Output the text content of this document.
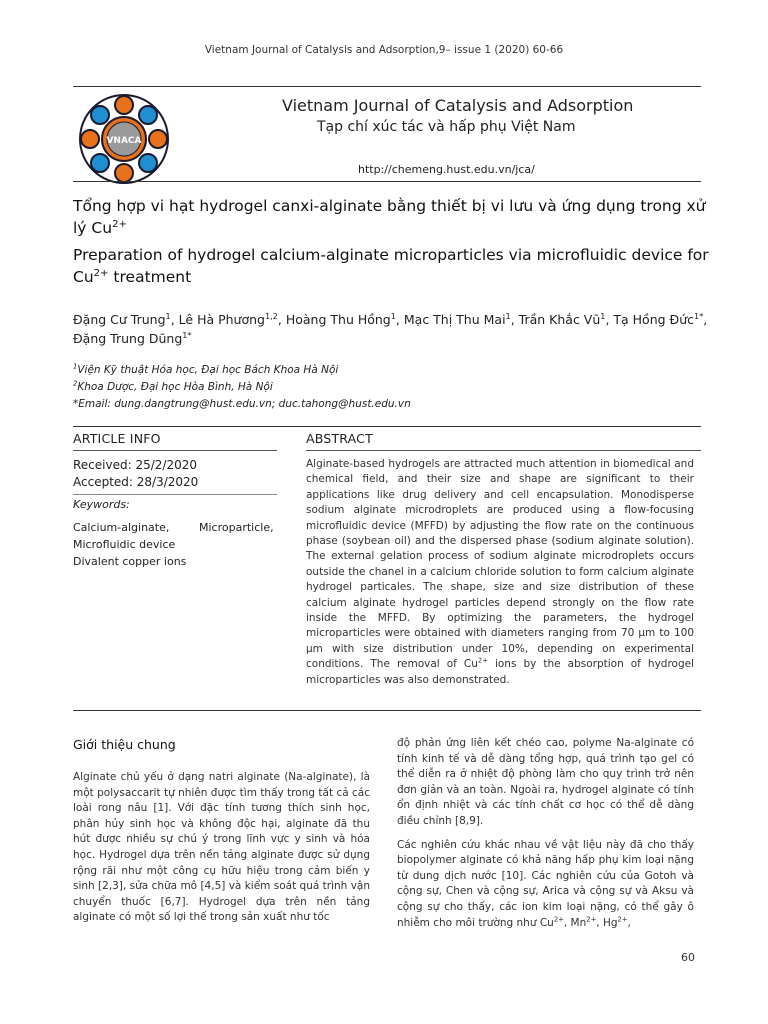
Vietnam Journal of Catalysis and Adsorption,9– issue 1 (2020) 60-66
VNACA
Vietnam Journal of Catalysis and Adsorption
Tạp chí xúc tác và hấp phụ Việt Nam
http://chemeng.hust.edu.vn/jca/
Tổng hợp vi hạt hydrogel canxi-alginate bằng thiết bị vi lưu và ứng dụng trong xử lý $Cu^{2+}$
Preparation of hydrogel calcium-alginate microparticles via microfluidic device for $Cu^{2+}$ treatment
Đặng Cư Trung$^1$, Lê Hà Phương$^{1,2}$, Hoàng Thu Hồng$^1$, Mạc Thị Thu Mai$^1$, Trần Khắc $Vũ^1$, Tạ Hồng Đức$^{1*}$,
Đặng Trung Dũng$^{1*}$
$^1$Viện Kỹ thuật Hóa học, Đại học Bách Khoa Hà Nội
$^2$Khoa Dược, Đại học Hòa Bình, Hà Nội
*Email: dung.dangtrung@hust.edu.vn; duc.tahong@hust.edu.vn
ARTICLE INFO
Received: 25/2/2020
Accepted: 28/3/2020
Keywords:
Calcium-alginate,	Microparticle,
Microfluidic device
Divalent copper ions
ABSTRACT
Alginate-based hydrogels are attracted much attention in biomedical and chemical field, and their size and shape are significant to their applications like drug delivery and cell encapsulation. Monodisperse sodium alginate microdroplets are produced using a flow-focusing microfluidic device (MFFD) by adjusting the flow rate on the continuous phase (soybean oil) and the dispersed phase (sodium alginate solution). The external gelation process of sodium alginate microdroplets occurs outside the chanel in a calcium chloride solution to form calcium alginate hydrogel particales. The shape, size and size distribution of these calcium alginate hydrogel particles depend strongly on the flow rate inside the MFFD. By optimizing the parameters, the hydrogel microparticles were obtained with diameters ranging from 70 µm to 100 µm with size distribution under 10%, depending on experimental conditions. The removal of $Cu^{2+}$ ions by the absorption of hydrogel microparticles was also demonstrated.
Giới thiệu chung
Alginate chủ yếu ở dạng natri alginate (Na-alginate), là một polysaccarit tự nhiên được tìm thấy trong tất cả các loài rong nâu [1]. Với đặc tính tương thích sinh học, phân hủy sinh học và không độc hại, alginate đã thu hút được nhiều sự chú ý trong lĩnh vực y sinh và hóa học. Hydrogel dựa trên nền tảng alginate được sử dụng rộng rãi như một công cụ hữu hiệu trong cảm biến y sinh [2,3], sửa chữa mô [4,5] và kiểm soát quá trình vận chuyển thuốc [6,7]. Hydrogel dựa trên nền tảng alginate có một số lợi thế trong sản xuất như tốc

độ phản ứng liên kết chéo cao, polyme Na-alginate có tính kinh tế và dễ dàng tổng hợp, quá trình tạo gel có thể diễn ra ở nhiệt độ phòng làm cho quy trình trở nên đơn giản và an toàn. Ngoài ra, hydrogel alginate có tính ổn định nhiệt và các tính chất cơ học có thể dễ dàng điều chỉnh [8,9].

Các nghiên cứu khác nhau về vật liệu này đã cho thấy biopolymer alginate có khả năng hấp phụ kim loại nặng từ dung dịch nước [10]. Các nghiên cứu của Gotoh và cộng sự, Chen và cộng sự, Arica và cộng sự và Aksu và cộng sự cho thấy, các ion kim loại nặng, có thể gây ô nhiễm cho môi trường như $Cu^{2+}$, $Mn^{2+}$, $Hg^{2+}$,

60
